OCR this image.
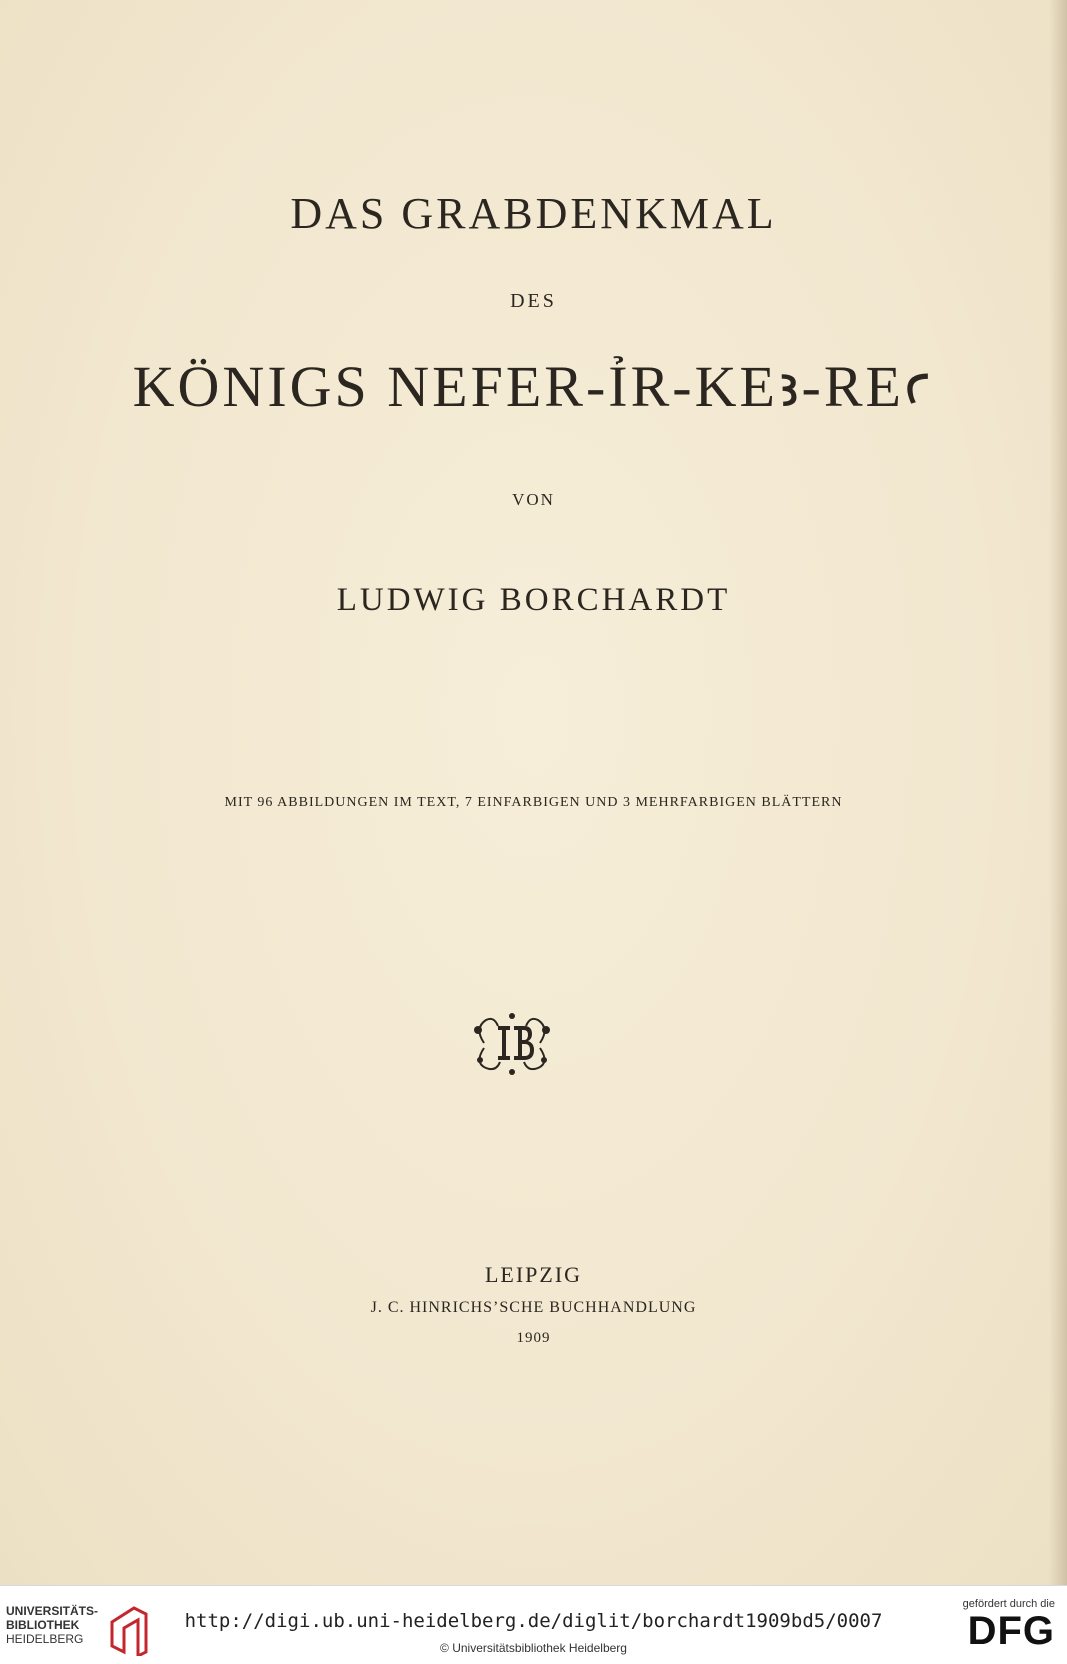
DAS GRABDENKMAL
DES
KÖNIGS NEFER-ỈR-KEꜣ-REꜥ
VON
LUDWIG BORCHARDT
MIT 96 ABBILDUNGEN IM TEXT, 7 EINFARBIGEN UND 3 MEHRFARBIGEN BLÄTTERN
LEIPZIG
J. C. HINRICHS’SCHE BUCHHANDLUNG
1909
UNIVERSITÄTS-
BIBLIOTHEK
HEIDELBERG
http://digi.ub.uni-heidelberg.de/diglit/borchardt1909bd5/0007
© Universitätsbibliothek Heidelberg
gefördert durch die
DFG
